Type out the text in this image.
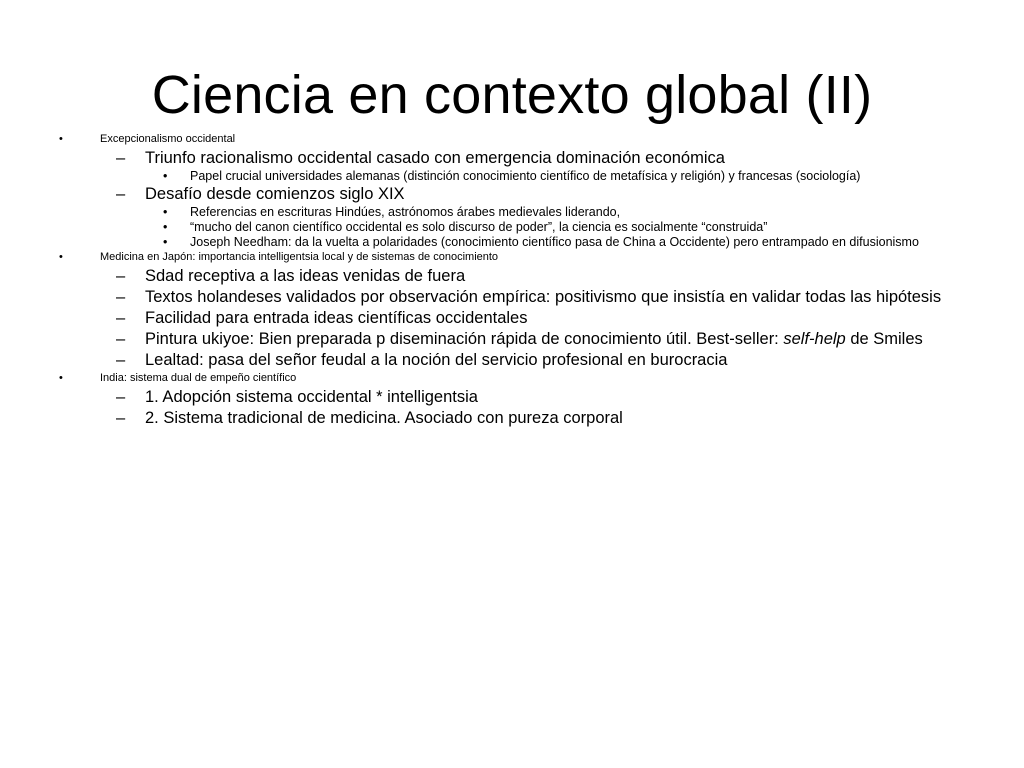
Ciencia en contexto global (II)
•	Excepcionalismo occidental
– Triunfo racionalismo occidental casado con emergencia dominación económica
• Papel crucial universidades alemanas (distinción conocimiento científico de metafísica y religión) y francesas (sociología)
– Desafío desde comienzos siglo XIX
• Referencias en escrituras Hindúes, astrónomos árabes medievales liderando,
• “mucho del canon científico occidental es solo discurso de poder”, la ciencia es socialmente “construida”
• Joseph Needham: da la vuelta a polaridades (conocimiento científico pasa de China a Occidente) pero entrampado en difusionismo
•	Medicina en Japón: importancia intelligentsia local y de sistemas de conocimiento
– Sdad receptiva a las ideas venidas de fuera
– Textos holandeses validados por observación empírica: positivismo que insistía en validar todas las hipótesis
– Facilidad para entrada ideas científicas occidentales
– Pintura ukiyoe: Bien preparada p diseminación rápida de conocimiento útil. Best-seller: self-help de Smiles
– Lealtad: pasa del señor feudal a la noción del servicio profesional en burocracia
•	India: sistema dual de empeño científico
– 1. Adopción sistema occidental * intelligentsia
– 2. Sistema tradicional de medicina. Asociado con pureza corporal
